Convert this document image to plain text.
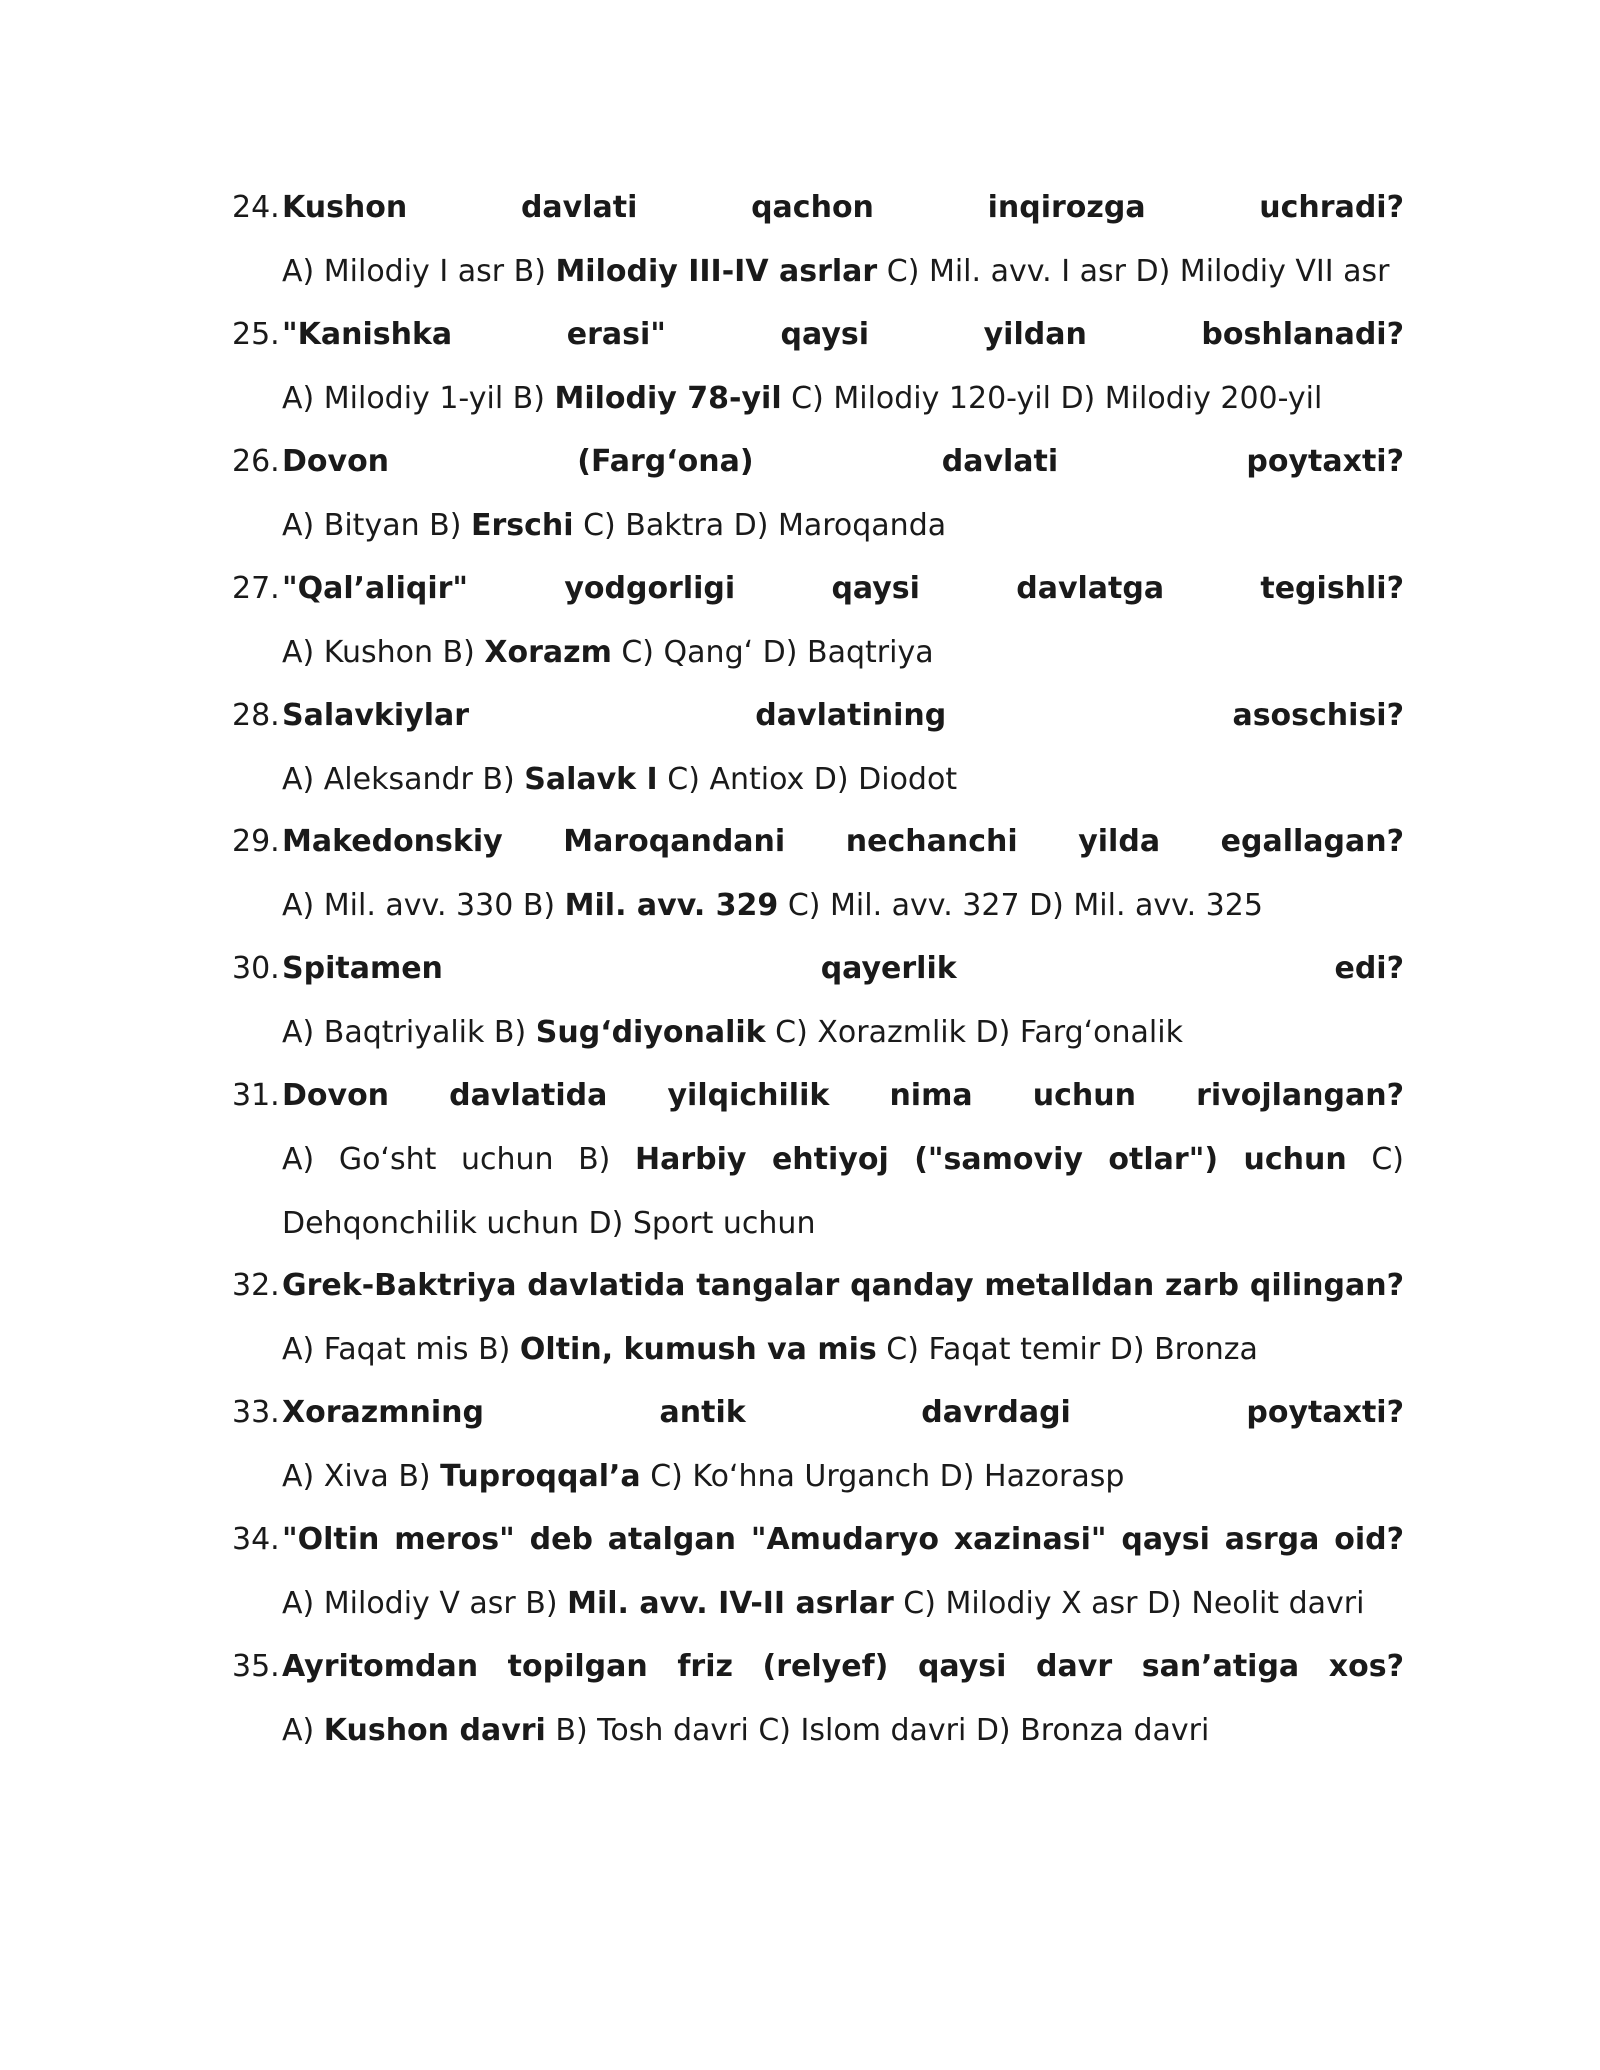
24. Kushon davlati qachon inqirozga uchradi?
A) Milodiy I asr B) Milodiy III-IV asrlar C) Mil. avv. I asr D) Milodiy VII asr
25. "Kanishka erasi" qaysi yildan boshlanadi?
A) Milodiy 1-yil B) Milodiy 78-yil C) Milodiy 120-yil D) Milodiy 200-yil
26. Dovon (Farg‘ona) davlati poytaxti?
A) Bityan B) Erschi C) Baktra D) Maroqanda
27. "Qal’aliqir" yodgorligi qaysi davlatga tegishli?
A) Kushon B) Xorazm C) Qang‘ D) Baqtriya
28. Salavkiylar davlatining asoschisi?
A) Aleksandr B) Salavk I C) Antiox D) Diodot
29. Makedonskiy Maroqandani nechanchi yilda egallagan?
A) Mil. avv. 330 B) Mil. avv. 329 C) Mil. avv. 327 D) Mil. avv. 325
30. Spitamen qayerlik edi?
A) Baqtriyalik B) Sug‘diyonalik C) Xorazmlik D) Farg‘onalik
31. Dovon davlatida yilqichilik nima uchun rivojlangan?
A) Go‘sht uchun B) Harbiy ehtiyoj ("samoviy otlar") uchun C) Dehqonchilik uchun D) Sport uchun
32. Grek-Baktriya davlatida tangalar qanday metalldan zarb qilingan?
A) Faqat mis B) Oltin, kumush va mis C) Faqat temir D) Bronza
33. Xorazmning antik davrdagi poytaxti?
A) Xiva B) Tuproqqal’a C) Ko‘hna Urganch D) Hazorasp
34. "Oltin meros" deb atalgan "Amudaryo xazinasi" qaysi asrga oid?
A) Milodiy V asr B) Mil. avv. IV-II asrlar C) Milodiy X asr D) Neolit davri
35. Ayritomdan topilgan friz (relyef) qaysi davr san’atiga xos?
A) Kushon davri B) Tosh davri C) Islom davri D) Bronza davri
